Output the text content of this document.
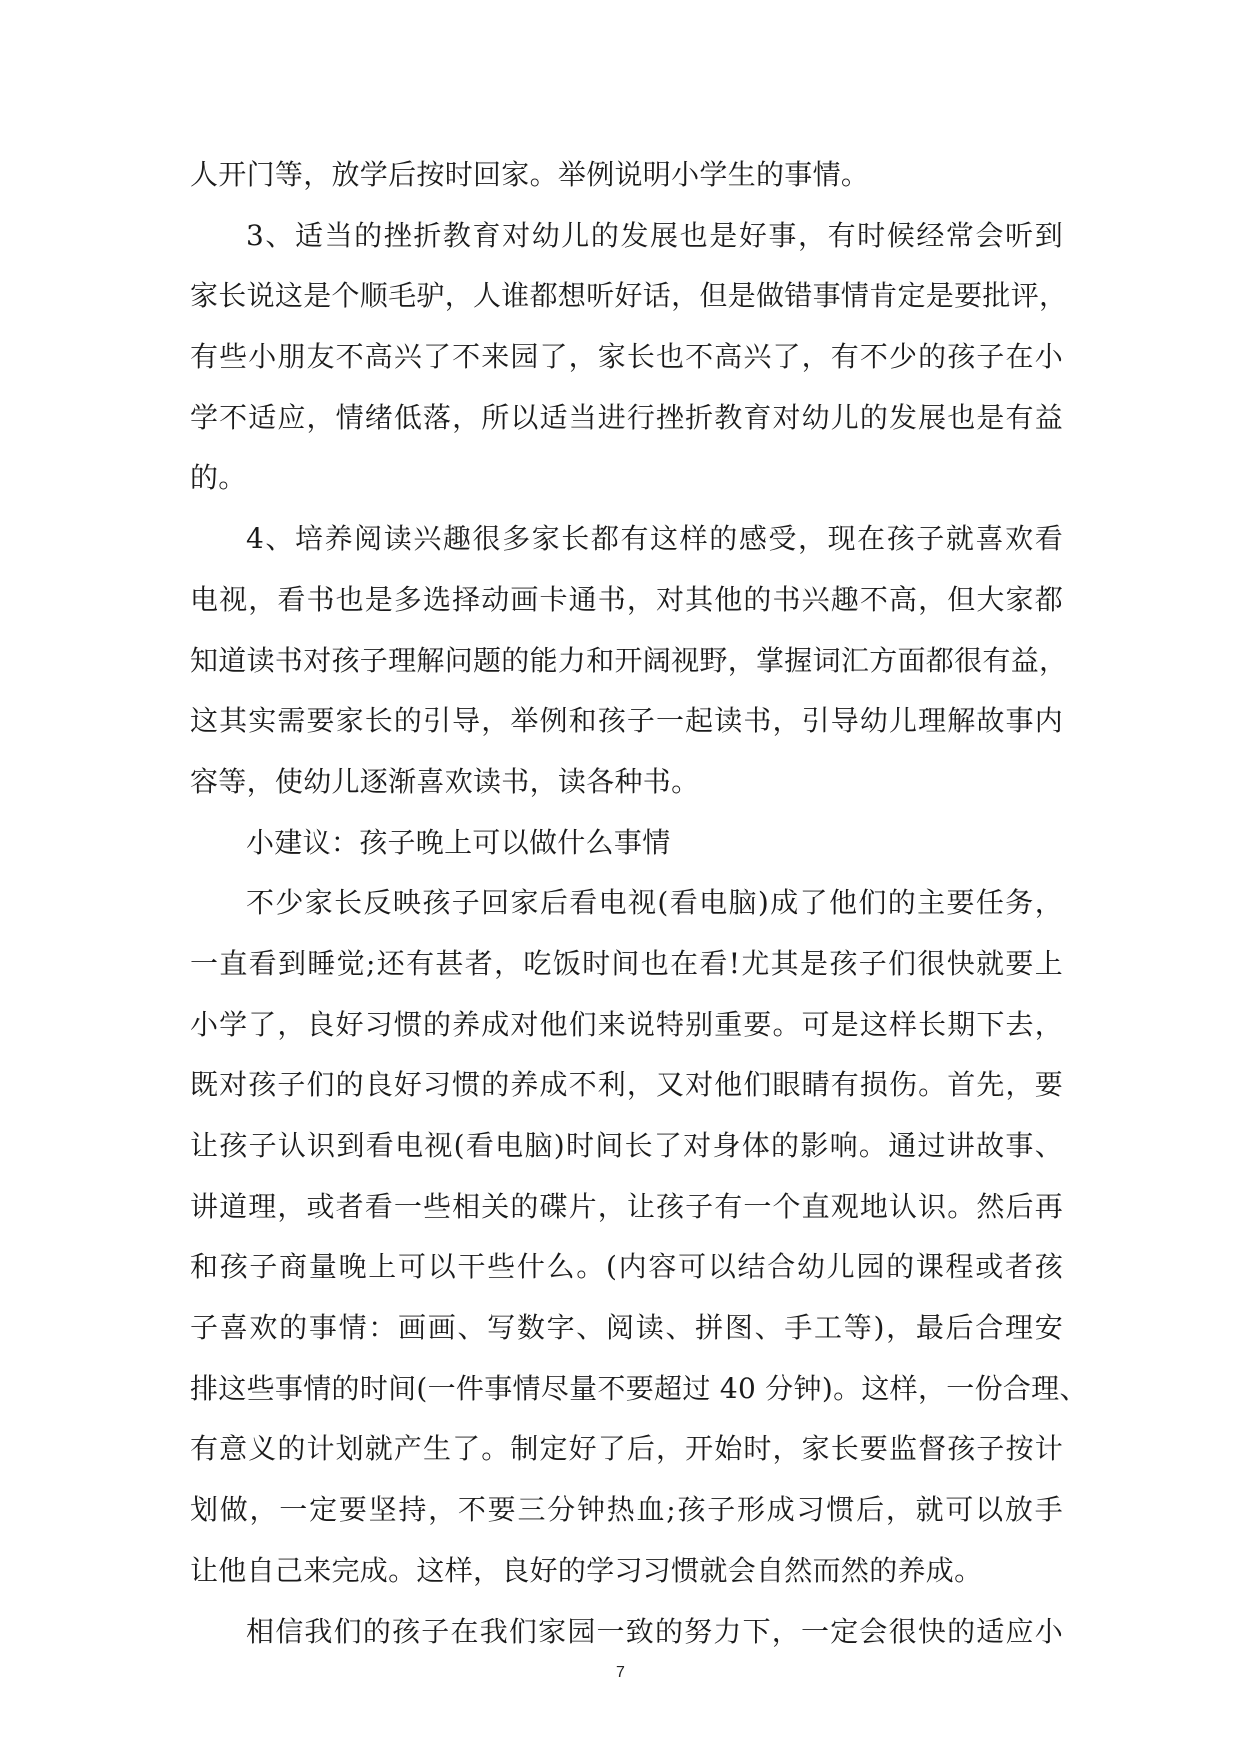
人开门等，放学后按时回家。举例说明小学生的事情。
3、适当的挫折教育对幼儿的发展也是好事，有时候经常会听到
家长说这是个顺毛驴，人谁都想听好话，但是做错事情肯定是要批评，
有些小朋友不高兴了不来园了，家长也不高兴了，有不少的孩子在小
学不适应，情绪低落，所以适当进行挫折教育对幼儿的发展也是有益
的。
4、培养阅读兴趣很多家长都有这样的感受，现在孩子就喜欢看
电视，看书也是多选择动画卡通书，对其他的书兴趣不高，但大家都
知道读书对孩子理解问题的能力和开阔视野，掌握词汇方面都很有益，
这其实需要家长的引导，举例和孩子一起读书，引导幼儿理解故事内
容等，使幼儿逐渐喜欢读书，读各种书。
小建议：孩子晚上可以做什么事情
不少家长反映孩子回家后看电视(看电脑)成了他们的主要任务，
一直看到睡觉;还有甚者，吃饭时间也在看!尤其是孩子们很快就要上
小学了，良好习惯的养成对他们来说特别重要。可是这样长期下去，
既对孩子们的良好习惯的养成不利，又对他们眼睛有损伤。首先，要
让孩子认识到看电视(看电脑)时间长了对身体的影响。通过讲故事、
讲道理，或者看一些相关的碟片，让孩子有一个直观地认识。然后再
和孩子商量晚上可以干些什么。(内容可以结合幼儿园的课程或者孩
子喜欢的事情：画画、写数字、阅读、拼图、手工等)，最后合理安
排这些事情的时间(一件事情尽量不要超过 40 分钟)。这样，一份合理、
有意义的计划就产生了。制定好了后，开始时，家长要监督孩子按计
划做，一定要坚持，不要三分钟热血;孩子形成习惯后，就可以放手
让他自己来完成。这样，良好的学习习惯就会自然而然的养成。
相信我们的孩子在我们家园一致的努力下，一定会很快的适应小
7
